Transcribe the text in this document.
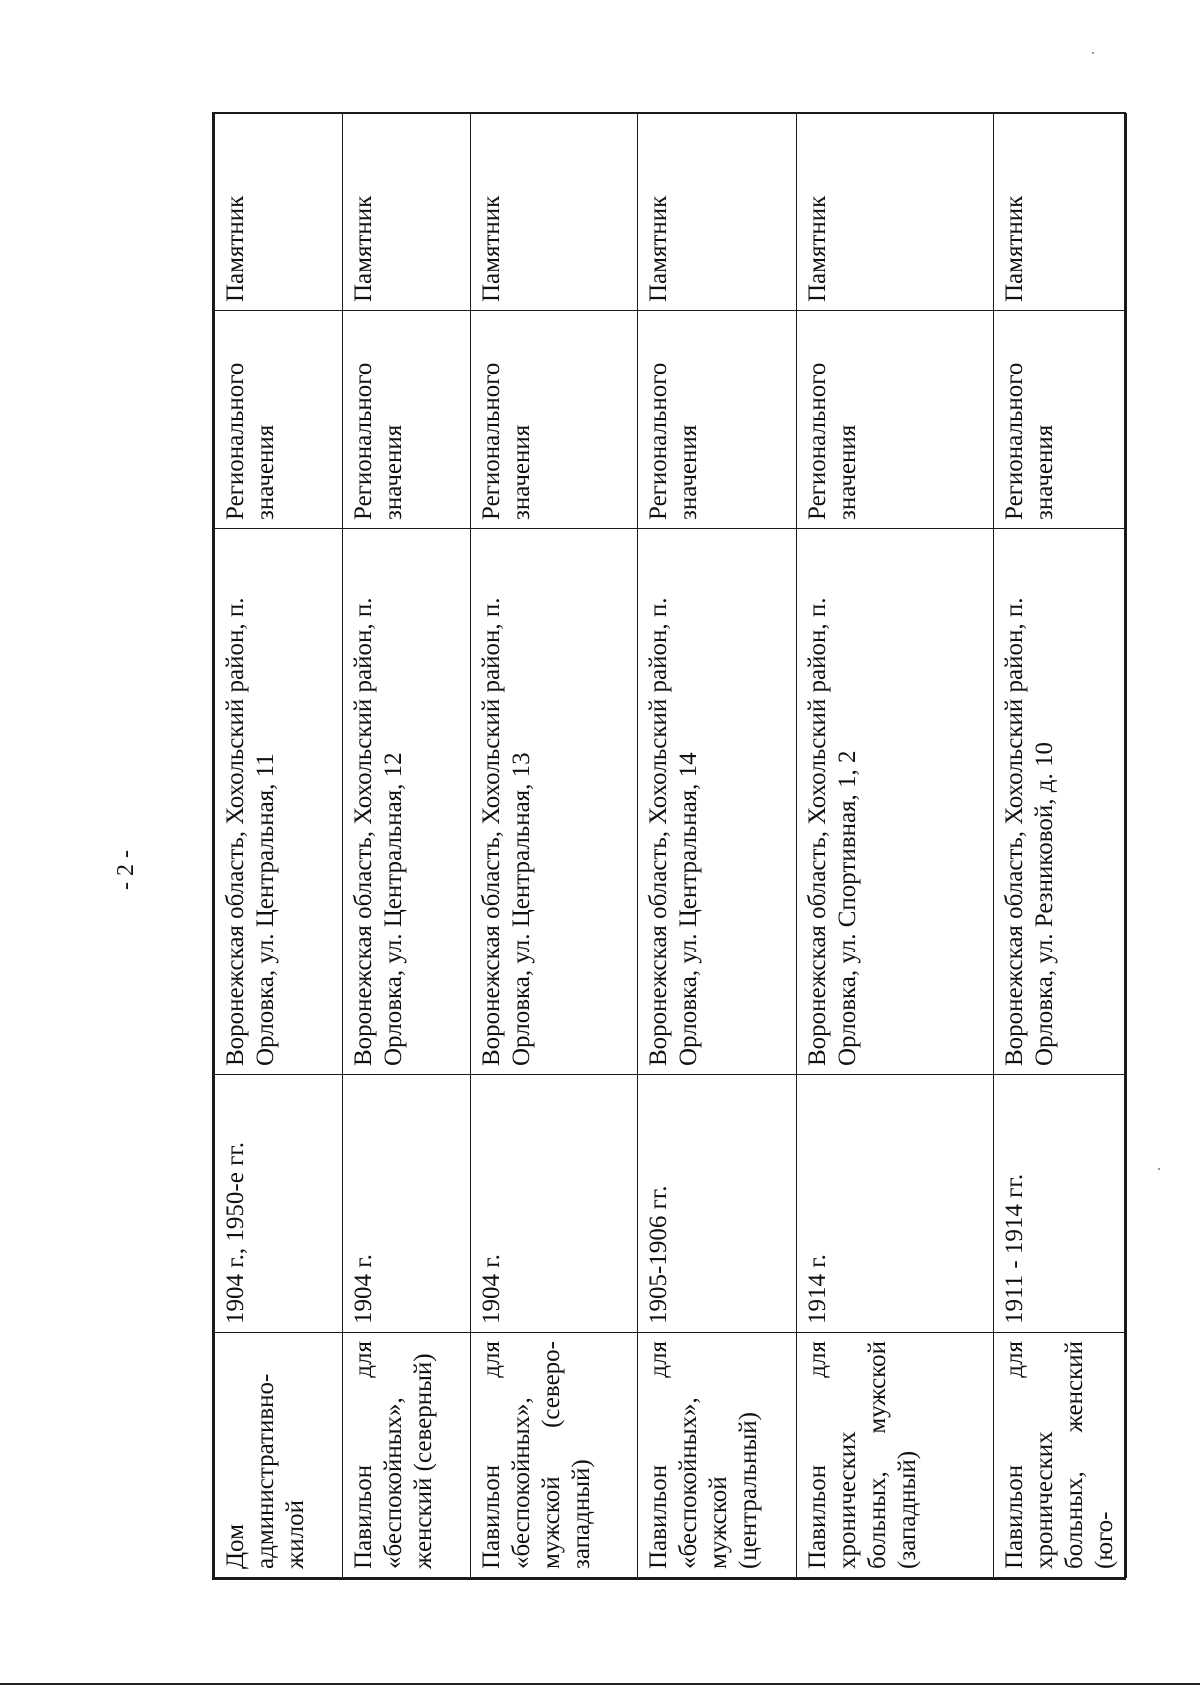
- 2 -
Дом административно-жилой	1904 г., 1950-е гг.	Воронежская область, Хохольский район, п. Орловка, ул. Центральная, 11	Регионального значения	Памятник
Павильон для «беспокойных», женский (северный)	1904 г.	Воронежская область, Хохольский район, п. Орловка, ул. Центральная, 12	Регионального значения	Памятник
Павильон для «беспокойных», мужской (северо-западный)	1904 г.	Воронежская область, Хохольский район, п. Орловка, ул. Центральная, 13	Регионального значения	Памятник
Павильон для «беспокойных», мужской (центральный)	1905-1906 гг.	Воронежская область, Хохольский район, п. Орловка, ул. Центральная, 14	Регионального значения	Памятник
Павильон для хронических больных, мужской (западный)	1914 г.	Воронежская область, Хохольский район, п. Орловка, ул. Спортивная, 1, 2	Регионального значения	Памятник
Павильон для хронических больных, женский (юго-	1911 - 1914 гг.	Воронежская область, Хохольский район, п. Орловка, ул. Резниковой, д. 10	Регионального значения	Памятник
